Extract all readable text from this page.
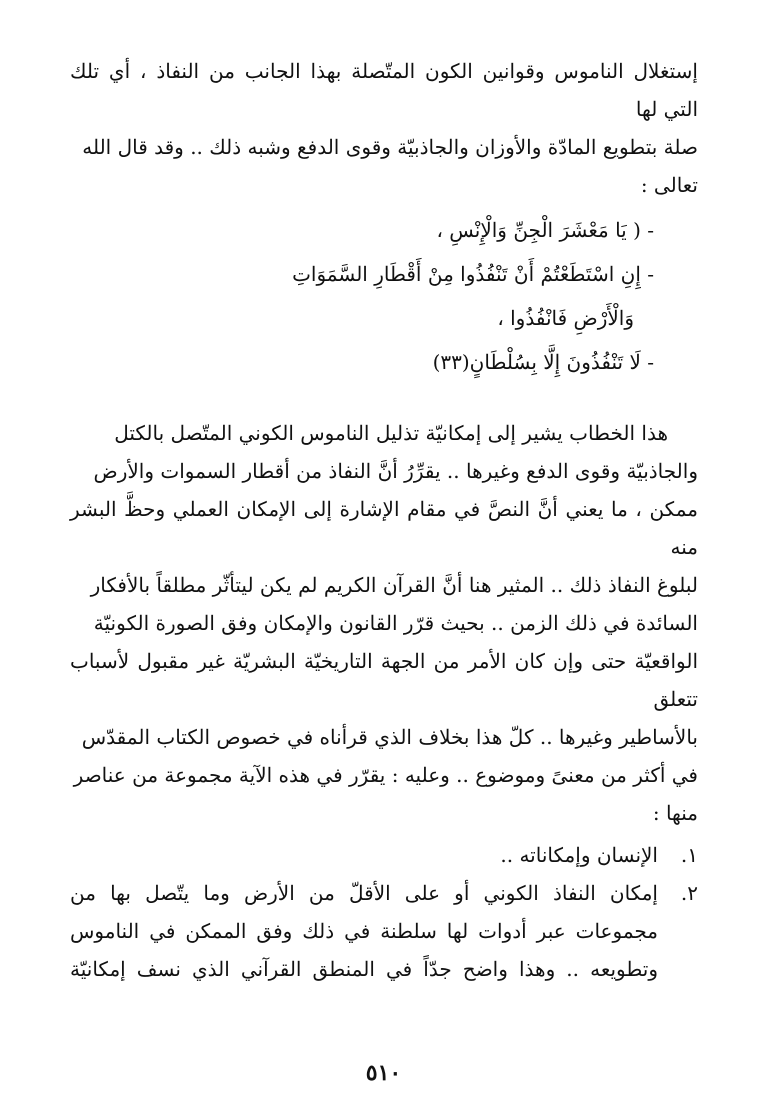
إستغلال الناموس وقوانين الكون المتّصلة بهذا الجانب من النفاذ ، أي تلك التي لها

صلة بتطويع المادّة والأوزان والجاذبيّة وقوى الدفع وشبه ذلك .. وقد قال الله

تعالى :

- ( يَا مَعْشَرَ الْجِنِّ وَالْإِنْسِ ،
- إِنِ اسْتَطَعْتُمْ أَنْ تَنْفُذُوا مِنْ أَقْطَارِ السَّمَوَاتِ
وَالْأَرْضِ فَانْفُذُوا ،
- لَا تَنْفُذُونَ إِلَّا بِسُلْطَانٍ(٣٣)

هذا الخطاب يشير إلى إمكانيّة تذليل الناموس الكوني المتّصل بالكتل

والجاذبيّة وقوى الدفع وغيرها .. يقرِّرُ أنَّ النفاذ من أقطار السموات والأرض

ممكن ، ما يعني أنَّ النصَّ في مقام الإشارة إلى الإمكان العملي وحظَّ البشر منه

لبلوغ النفاذ ذلك .. المثير هنا أنَّ القرآن الكريم لم يكن ليتأثّر مطلقاً بالأفكار

السائدة في ذلك الزمن .. بحيث قرّر القانون والإمكان وفق الصورة الكونيّة

الواقعيّة حتى وإن كان الأمر من الجهة التاريخيّة البشريّة غير مقبول لأسباب تتعلق

بالأساطير وغيرها .. كلّ هذا بخلاف الذي قرأناه في خصوص الكتاب المقدّس

في أكثر من معنىً وموضوع .. وعليه : يقرّر في هذه الآية مجموعة من عناصر

منها :

١.
الإنسان وإمكاناته ..
٢.
إمكان النفاذ الكوني أو على الأقلّ من الأرض وما يتّصل بها من
مجموعات عبر أدوات لها سلطنة في ذلك وفق الممكن في الناموس
وتطويعه .. وهذا واضح جدّاً في المنطق القرآني الذي نسف إمكانيّة
٥١٠
